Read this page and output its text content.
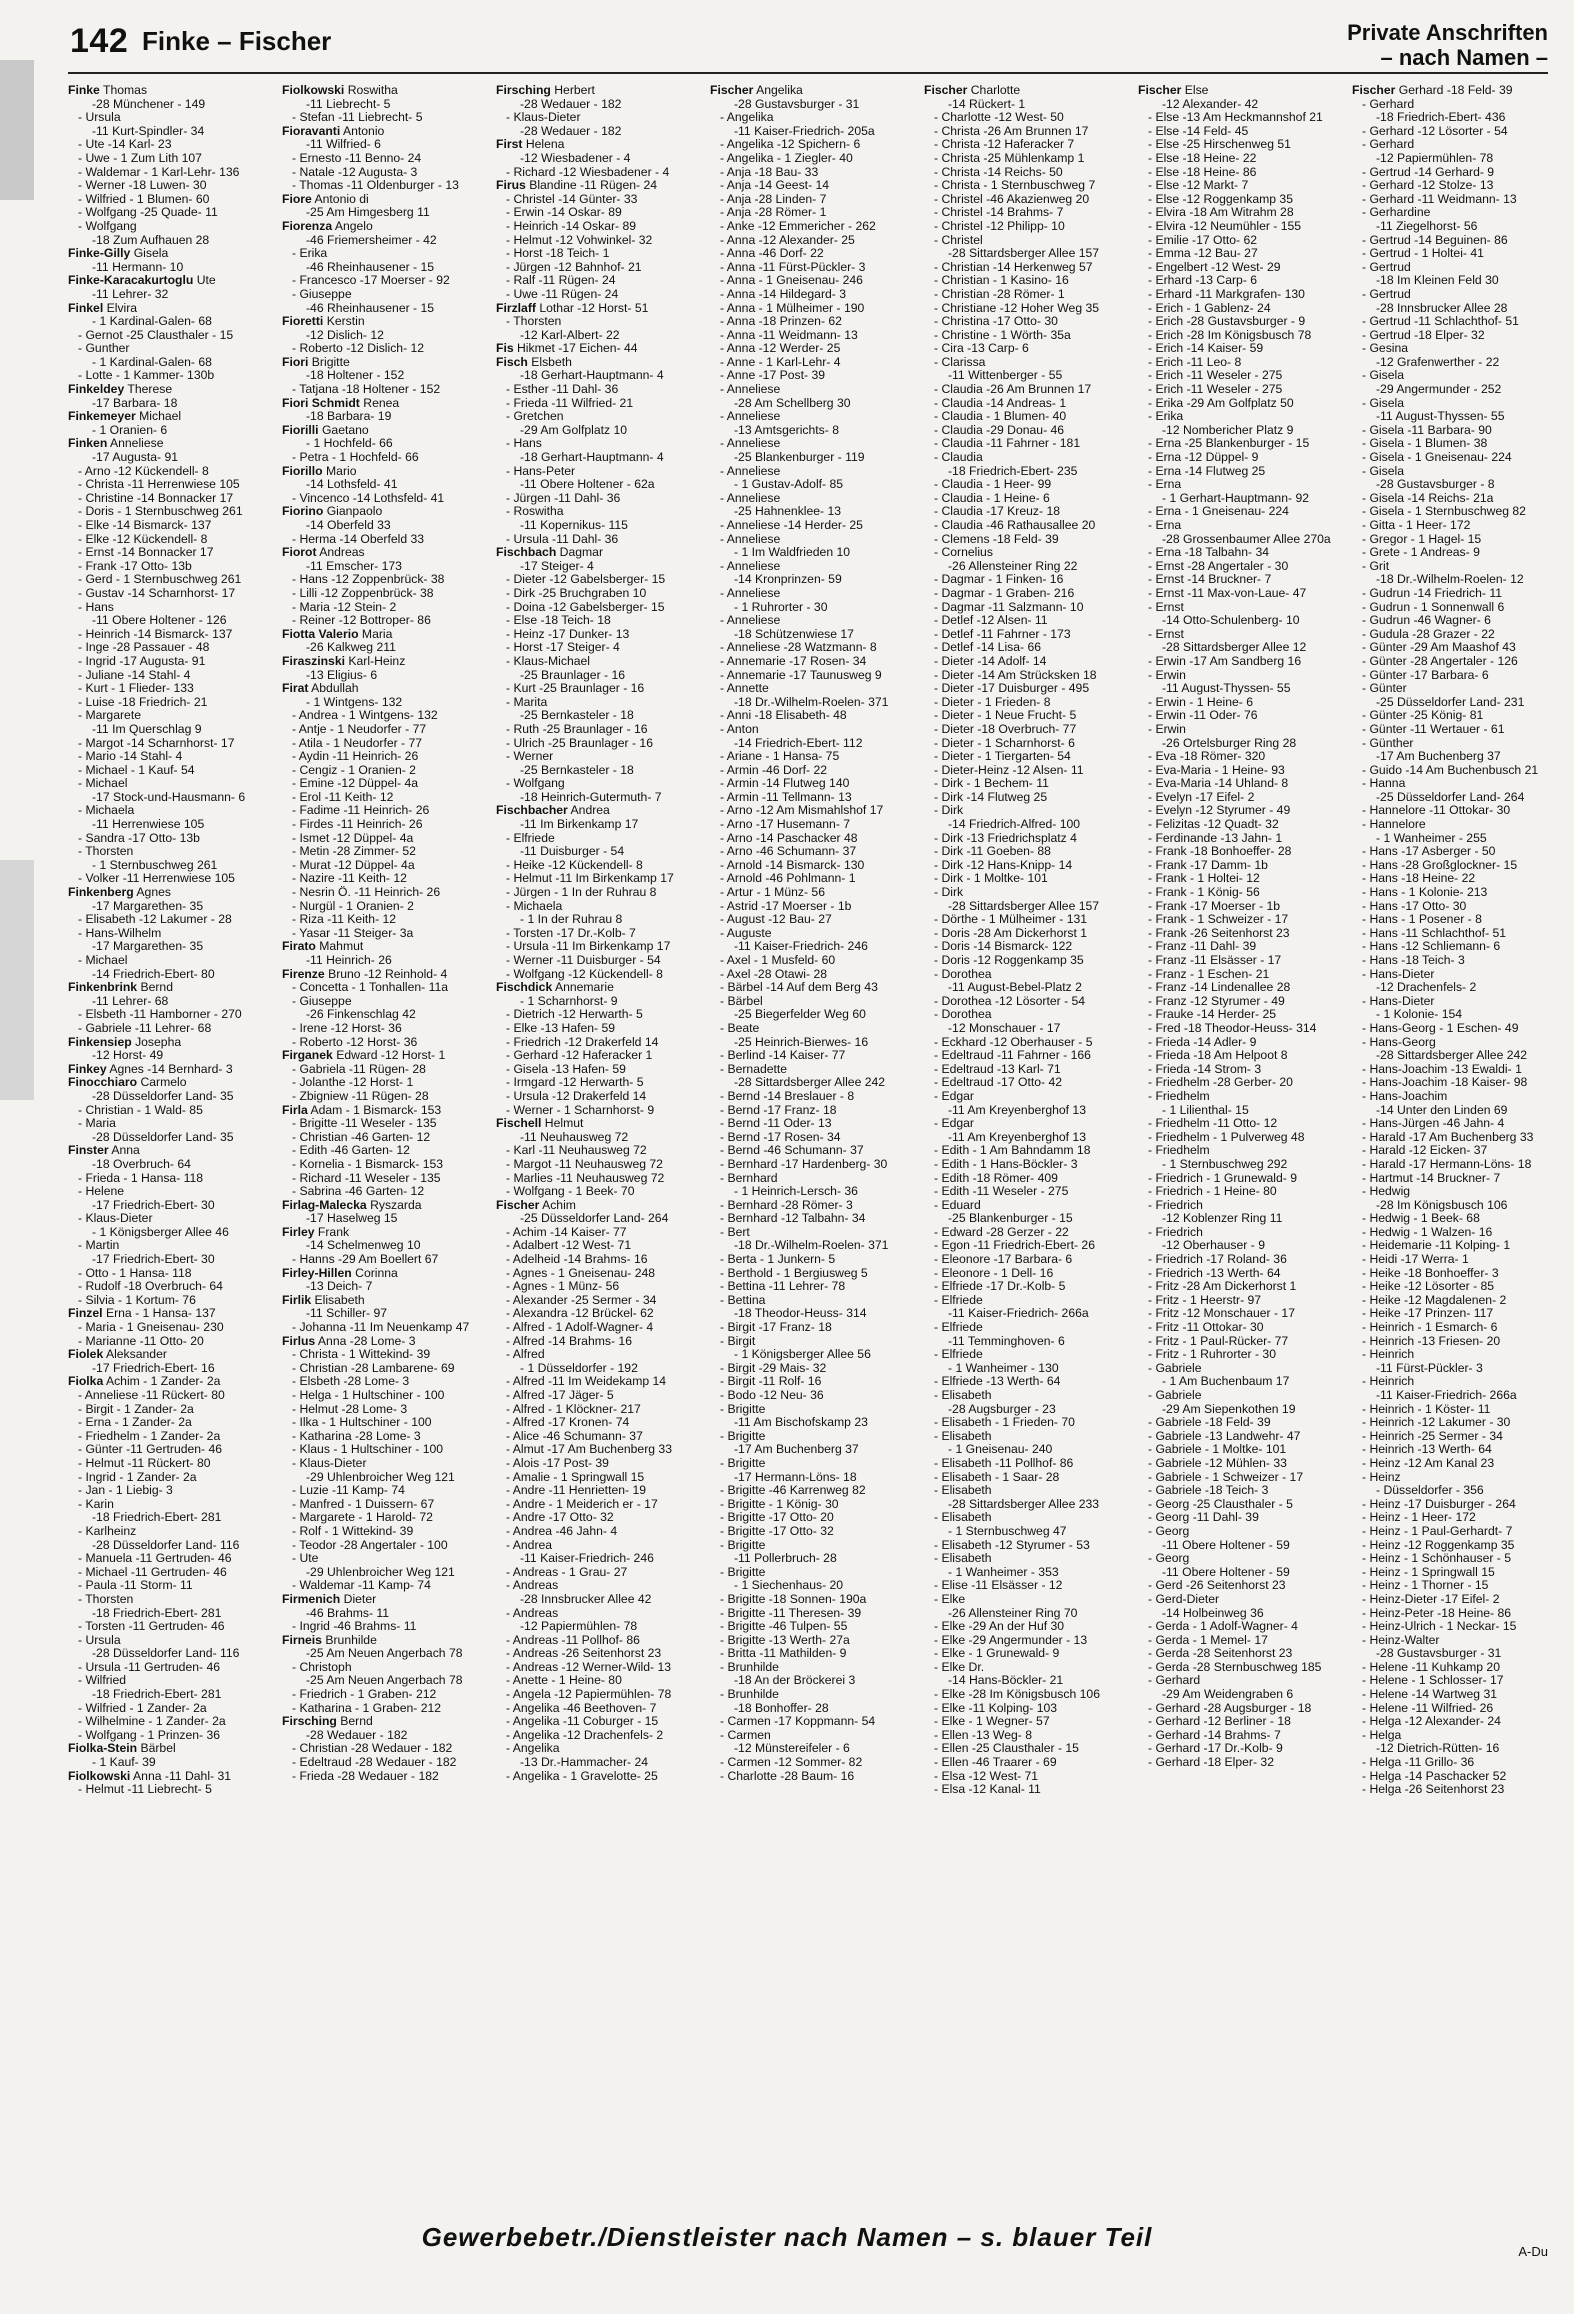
142 Finke – Fischer	Private Anschriften
– nach Namen –
Finke Thomas
-28 Münchener - 149
- Ursula
-11 Kurt-Spindler- 34
- Ute -14 Karl- 23
- Uwe - 1 Zum Lith 107
- Waldemar - 1 Karl-Lehr- 136
- Werner -18 Luwen- 30
- Wilfried - 1 Blumen- 60
- Wolfgang -25 Quade- 11
- Wolfgang
-18 Zum Aufhauen 28
Finke-Gilly Gisela
-11 Hermann- 10
Finke-Karacakurtoglu Ute
-11 Lehrer- 32
Finkel Elvira
- 1 Kardinal-Galen- 68
- Gernot -25 Clausthaler - 15
- Gunther
- 1 Kardinal-Galen- 68
- Lotte - 1 Kammer- 130b
Finkeldey Therese
-17 Barbara- 18
Finkemeyer Michael
- 1 Oranien- 6
Finken Anneliese
-17 Augusta- 91
- Arno -12 Kückendell- 8
- Christa -11 Herrenwiese 105
- Christine -14 Bonnacker 17
- Doris - 1 Sternbuschweg 261
- Elke -14 Bismarck- 137
- Elke -12 Kückendell- 8
- Ernst -14 Bonnacker 17
- Frank -17 Otto- 13b
- Gerd - 1 Sternbuschweg 261
- Gustav -14 Scharnhorst- 17
- Hans
-11 Obere Holtener - 126
- Heinrich -14 Bismarck- 137
- Inge -28 Passauer - 48
- Ingrid -17 Augusta- 91
- Juliane -14 Stahl- 4
- Kurt - 1 Flieder- 133
- Luise -18 Friedrich- 21
- Margarete
-11 Im Querschlag 9
- Margot -14 Scharnhorst- 17
- Mario -14 Stahl- 4
- Michael - 1 Kauf- 54
- Michael
-17 Stock-und-Hausmann- 6
- Michaela
-11 Herrenwiese 105
- Sandra -17 Otto- 13b
- Thorsten
- 1 Sternbuschweg 261
- Volker -11 Herrenwiese 105
Finkenberg Agnes
-17 Margarethen- 35
- Elisabeth -12 Lakumer - 28
- Hans-Wilhelm
-17 Margarethen- 35
- Michael
-14 Friedrich-Ebert- 80
Finkenbrink Bernd
-11 Lehrer- 68
- Elsbeth -11 Hamborner - 270
- Gabriele -11 Lehrer- 68
Finkensiep Josepha
-12 Horst- 49
Finkey Agnes -14 Bernhard- 3
Finocchiaro Carmelo
-28 Düsseldorfer Land- 35
- Christian - 1 Wald- 85
- Maria
-28 Düsseldorfer Land- 35
Finster Anna
-18 Overbruch- 64
- Frieda - 1 Hansa- 118
- Helene
-17 Friedrich-Ebert- 30
- Klaus-Dieter
- 1 Königsberger Allee 46
- Martin
-17 Friedrich-Ebert- 30
- Otto - 1 Hansa- 118
- Rudolf -18 Overbruch- 64
- Silvia - 1 Kortum- 76
Finzel Erna - 1 Hansa- 137
- Maria - 1 Gneisenau- 230
- Marianne -11 Otto- 20
Fiolek Aleksander
-17 Friedrich-Ebert- 16
Fiolka Achim - 1 Zander- 2a
- Anneliese -11 Rückert- 80
- Birgit - 1 Zander- 2a
- Erna - 1 Zander- 2a
- Friedhelm - 1 Zander- 2a
- Günter -11 Gertruden- 46
- Helmut -11 Rückert- 80
- Ingrid - 1 Zander- 2a
- Jan - 1 Liebig- 3
- Karin
-18 Friedrich-Ebert- 281
- Karlheinz
-28 Düsseldorfer Land- 116
- Manuela -11 Gertruden- 46
- Michael -11 Gertruden- 46
- Paula -11 Storm- 11
- Thorsten
-18 Friedrich-Ebert- 281
- Torsten -11 Gertruden- 46
- Ursula
-28 Düsseldorfer Land- 116
- Ursula -11 Gertruden- 46
- Wilfried
-18 Friedrich-Ebert- 281
- Wilfried - 1 Zander- 2a
- Wilhelmine - 1 Zander- 2a
- Wolfgang - 1 Prinzen- 36
Fiolka-Stein Bärbel
- 1 Kauf- 39
Fiolkowski Anna -11 Dahl- 31
- Helmut -11 Liebrecht- 5
Fiolkowski Roswitha
-11 Liebrecht- 5
- Stefan -11 Liebrecht- 5
Fioravanti Antonio
-11 Wilfried- 6
- Ernesto -11 Benno- 24
- Natale -12 Augusta- 3
- Thomas -11 Oldenburger - 13
Fiore Antonio di
-25 Am Himgesberg 11
Fiorenza Angelo
-46 Friemersheimer - 42
- Erika
-46 Rheinhausener - 15
- Francesco -17 Moerser - 92
- Giuseppe
-46 Rheinhausener - 15
Fioretti Kerstin
-12 Dislich- 12
- Roberto -12 Dislich- 12
Fiori Brigitte
-18 Holtener - 152
- Tatjana -18 Holtener - 152
Fiori Schmidt Renea
-18 Barbara- 19
Fiorilli Gaetano
- 1 Hochfeld- 66
- Petra - 1 Hochfeld- 66
Fiorillo Mario
-14 Lothsfeld- 41
- Vincenco -14 Lothsfeld- 41
Fiorino Gianpaolo
-14 Oberfeld 33
- Herma -14 Oberfeld 33
Fiorot Andreas
-11 Emscher- 173
- Hans -12 Zoppenbrück- 38
- Lilli -12 Zoppenbrück- 38
- Maria -12 Stein- 2
- Reiner -12 Bottroper- 86
Fiotta Valerio Maria
-26 Kalkweg 211
Firaszinski Karl-Heinz
-13 Eligius- 6
Firat Abdullah
- 1 Wintgens- 132
- Andrea - 1 Wintgens- 132
- Antje - 1 Neudorfer - 77
- Atila - 1 Neudorfer - 77
- Aydin -11 Heinrich- 26
- Cengiz - 1 Oranien- 2
- Emine -12 Düppel- 4a
- Erol -11 Keith- 12
- Fadime -11 Heinrich- 26
- Firdes -11 Heinrich- 26
- Ismet -12 Düppel- 4a
- Metin -28 Zimmer- 52
- Murat -12 Düppel- 4a
- Nazire -11 Keith- 12
- Nesrin Ö. -11 Heinrich- 26
- Nurgül - 1 Oranien- 2
- Riza -11 Keith- 12
- Yasar -11 Steiger- 3a
Firato Mahmut
-11 Heinrich- 26
Firenze Bruno -12 Reinhold- 4
- Concetta - 1 Tonhallen- 11a
- Giuseppe
-26 Finkenschlag 42
- Irene -12 Horst- 36
- Roberto -12 Horst- 36
Firganek Edward -12 Horst- 1
- Gabriela -11 Rügen- 28
- Jolanthe -12 Horst- 1
- Zbigniew -11 Rügen- 28
Firla Adam - 1 Bismarck- 153
- Brigitte -11 Weseler - 135
- Christian -46 Garten- 12
- Edith -46 Garten- 12
- Kornelia - 1 Bismarck- 153
- Richard -11 Weseler - 135
- Sabrina -46 Garten- 12
Firlag-Malecka Ryszarda
-17 Haselweg 15
Firley Frank
-14 Schelmenweg 10
- Hanns -29 Am Boellert 67
Firley-Hillen Corinna
-13 Deich- 7
Firlik Elisabeth
-11 Schiller- 97
- Johanna -11 Im Neuenkamp 47
Firlus Anna -28 Lome- 3
- Christa - 1 Wittekind- 39
- Christian -28 Lambarene- 69
- Elsbeth -28 Lome- 3
- Helga - 1 Hultschiner - 100
- Helmut -28 Lome- 3
- Ilka - 1 Hultschiner - 100
- Katharina -28 Lome- 3
- Klaus - 1 Hultschiner - 100
- Klaus-Dieter
-29 Uhlenbroicher Weg 121
- Luzie -11 Kamp- 74
- Manfred - 1 Duissern- 67
- Margarete - 1 Harold- 72
- Rolf - 1 Wittekind- 39
- Teodor -28 Angertaler - 100
- Ute
-29 Uhlenbroicher Weg 121
- Waldemar -11 Kamp- 74
Firmenich Dieter
-46 Brahms- 11
- Ingrid -46 Brahms- 11
Firneis Brunhilde
-25 Am Neuen Angerbach 78
- Christoph
-25 Am Neuen Angerbach 78
- Friedrich - 1 Graben- 212
- Katharina - 1 Graben- 212
Firsching Bernd
-28 Wedauer - 182
- Christian -28 Wedauer - 182
- Edeltraud -28 Wedauer - 182
- Frieda -28 Wedauer - 182
Firsching Herbert
-28 Wedauer - 182
- Klaus-Dieter
-28 Wedauer - 182
First Helena
-12 Wiesbadener - 4
- Richard -12 Wiesbadener - 4
Firus Blandine -11 Rügen- 24
- Christel -14 Günter- 33
- Erwin -14 Oskar- 89
- Heinrich -14 Oskar- 89
- Helmut -12 Vohwinkel- 32
- Horst -18 Teich- 1
- Jürgen -12 Bahnhof- 21
- Ralf -11 Rügen- 24
- Uwe -11 Rügen- 24
Firzlaff Lothar -12 Horst- 51
- Thorsten
-12 Karl-Albert- 22
Fis Hikmet -17 Eichen- 44
Fisch Elsbeth
-18 Gerhart-Hauptmann- 4
- Esther -11 Dahl- 36
- Frieda -11 Wilfried- 21
- Gretchen
-29 Am Golfplatz 10
- Hans
-18 Gerhart-Hauptmann- 4
- Hans-Peter
-11 Obere Holtener - 62a
- Jürgen -11 Dahl- 36
- Roswitha
-11 Kopernikus- 115
- Ursula -11 Dahl- 36
Fischbach Dagmar
-17 Steiger- 4
- Dieter -12 Gabelsberger- 15
- Dirk -25 Bruchgraben 10
- Doina -12 Gabelsberger- 15
- Else -18 Teich- 18
- Heinz -17 Dunker- 13
- Horst -17 Steiger- 4
- Klaus-Michael
-25 Braunlager - 16
- Kurt -25 Braunlager - 16
- Marita
-25 Bernkasteler - 18
- Ruth -25 Braunlager - 16
- Ulrich -25 Braunlager - 16
- Werner
-25 Bernkasteler - 18
- Wolfgang
-18 Heinrich-Gutermuth- 7
Fischbacher Andrea
-11 Im Birkenkamp 17
- Elfriede
-11 Duisburger - 54
- Heike -12 Kückendell- 8
- Helmut -11 Im Birkenkamp 17
- Jürgen - 1 In der Ruhrau 8
- Michaela
- 1 In der Ruhrau 8
- Torsten -17 Dr.-Kolb- 7
- Ursula -11 Im Birkenkamp 17
- Werner -11 Duisburger - 54
- Wolfgang -12 Kückendell- 8
Fischdick Annemarie
- 1 Scharnhorst- 9
- Dietrich -12 Herwarth- 5
- Elke -13 Hafen- 59
- Friedrich -12 Drakerfeld 14
- Gerhard -12 Haferacker 1
- Gisela -13 Hafen- 59
- Irmgard -12 Herwarth- 5
- Ursula -12 Drakerfeld 14
- Werner - 1 Scharnhorst- 9
Fischell Helmut
-11 Neuhausweg 72
- Karl -11 Neuhausweg 72
- Margot -11 Neuhausweg 72
- Marlies -11 Neuhausweg 72
- Wolfgang - 1 Beek- 70
Fischer Achim
-25 Düsseldorfer Land- 264
- Achim -14 Kaiser- 77
- Adalbert -12 West- 71
- Adelheid -14 Brahms- 16
- Agnes - 1 Gneisenau- 248
- Agnes - 1 Münz- 56
- Alexander -25 Sermer - 34
- Alexandra -12 Brückel- 62
- Alfred - 1 Adolf-Wagner- 4
- Alfred -14 Brahms- 16
- Alfred
- 1 Düsseldorfer - 192
- Alfred -11 Im Weidekamp 14
- Alfred -17 Jäger- 5
- Alfred - 1 Klöckner- 217
- Alfred -17 Kronen- 74
- Alice -46 Schumann- 37
- Almut -17 Am Buchenberg 33
- Alois -17 Post- 39
- Amalie - 1 Springwall 15
- Andre -11 Henrietten- 19
- Andre - 1 Meiderich er - 17
- Andre -17 Otto- 32
- Andrea -46 Jahn- 4
- Andrea
-11 Kaiser-Friedrich- 246
- Andreas - 1 Grau- 27
- Andreas
-28 Innsbrucker Allee 42
- Andreas
-12 Papiermühlen- 78
- Andreas -11 Pollhof- 86
- Andreas -26 Seitenhorst 23
- Andreas -12 Werner-Wild- 13
- Anette - 1 Heine- 80
- Angela -12 Papiermühlen- 78
- Angelika -46 Beethoven- 7
- Angelika -11 Coburger - 15
- Angelika -12 Drachenfels- 2
- Angelika
-13 Dr.-Hammacher- 24
- Angelika - 1 Gravelotte- 25
Fischer Angelika
-28 Gustavsburger - 31
- Angelika
-11 Kaiser-Friedrich- 205a
- Angelika -12 Spichern- 6
- Angelika - 1 Ziegler- 40
- Anja -18 Bau- 33
- Anja -14 Geest- 14
- Anja -28 Linden- 7
- Anja -28 Römer- 1
- Anke -12 Emmericher - 262
- Anna -12 Alexander- 25
- Anna -46 Dorf- 22
- Anna -11 Fürst-Pückler- 3
- Anna - 1 Gneisenau- 246
- Anna -14 Hildegard- 3
- Anna - 1 Mülheimer - 190
- Anna -18 Prinzen- 62
- Anna -11 Weidmann- 13
- Anna -12 Werder- 25
- Anne - 1 Karl-Lehr- 4
- Anne -17 Post- 39
- Anneliese
-28 Am Schellberg 30
- Anneliese
-13 Amtsgerichts- 8
- Anneliese
-25 Blankenburger - 119
- Anneliese
- 1 Gustav-Adolf- 85
- Anneliese
-25 Hahnenklee- 13
- Anneliese -14 Herder- 25
- Anneliese
- 1 Im Waldfrieden 10
- Anneliese
-14 Kronprinzen- 59
- Anneliese
- 1 Ruhrorter - 30
- Anneliese
-18 Schützenwiese 17
- Anneliese -28 Watzmann- 8
- Annemarie -17 Rosen- 34
- Annemarie -17 Taunusweg 9
- Annette
-18 Dr.-Wilhelm-Roelen- 371
- Anni -18 Elisabeth- 48
- Anton
-14 Friedrich-Ebert- 112
- Ariane - 1 Hansa- 75
- Armin -46 Dorf- 22
- Armin -14 Flutweg 140
- Armin -11 Tellmann- 13
- Arno -12 Am Mismahlshof 17
- Arno -17 Husemann- 7
- Arno -14 Paschacker 48
- Arno -46 Schumann- 37
- Arnold -14 Bismarck- 130
- Arnold -46 Pohlmann- 1
- Artur - 1 Münz- 56
- Astrid -17 Moerser - 1b
- August -12 Bau- 27
- Auguste
-11 Kaiser-Friedrich- 246
- Axel - 1 Musfeld- 60
- Axel -28 Otawi- 28
- Bärbel -14 Auf dem Berg 43
- Bärbel
-25 Biegerfelder Weg 60
- Beate
-25 Heinrich-Bierwes- 16
- Berlind -14 Kaiser- 77
- Bernadette
-28 Sittardsberger Allee 242
- Bernd -14 Breslauer - 8
- Bernd -17 Franz- 18
- Bernd -11 Oder- 13
- Bernd -17 Rosen- 34
- Bernd -46 Schumann- 37
- Bernhard -17 Hardenberg- 30
- Bernhard
- 1 Heinrich-Lersch- 36
- Bernhard -28 Römer- 3
- Bernhard -12 Talbahn- 34
- Bert
-18 Dr.-Wilhelm-Roelen- 371
- Berta - 1 Junkern- 5
- Berthold - 1 Bergiusweg 5
- Bettina -11 Lehrer- 78
- Bettina
-18 Theodor-Heuss- 314
- Birgit -17 Franz- 18
- Birgit
- 1 Königsberger Allee 56
- Birgit -29 Mais- 32
- Birgit -11 Rolf- 16
- Bodo -12 Neu- 36
- Brigitte
-11 Am Bischofskamp 23
- Brigitte
-17 Am Buchenberg 37
- Brigitte
-17 Hermann-Löns- 18
- Brigitte -46 Karrenweg 82
- Brigitte - 1 König- 30
- Brigitte -17 Otto- 20
- Brigitte -17 Otto- 32
- Brigitte
-11 Pollerbruch- 28
- Brigitte
- 1 Siechenhaus- 20
- Brigitte -18 Sonnen- 190a
- Brigitte -11 Theresen- 39
- Brigitte -46 Tulpen- 55
- Brigitte -13 Werth- 27a
- Britta -11 Mathilden- 9
- Brunhilde
-18 An der Bröckerei 3
- Brunhilde
-18 Bonhoffer- 28
- Carmen -17 Koppmann- 54
- Carmen
-12 Münstereifeler - 6
- Carmen -12 Sommer- 82
- Charlotte -28 Baum- 16
Fischer Charlotte
-14 Rückert- 1
- Charlotte -12 West- 50
- Christa -26 Am Brunnen 17
- Christa -12 Haferacker 7
- Christa -25 Mühlenkamp 1
- Christa -14 Reichs- 50
- Christa - 1 Sternbuschweg 7
- Christel -46 Akazienweg 20
- Christel -14 Brahms- 7
- Christel -12 Philipp- 10
- Christel
-28 Sittardsberger Allee 157
- Christian -14 Herkenweg 57
- Christian - 1 Kasino- 16
- Christian -28 Römer- 1
- Christiane -12 Hoher Weg 35
- Christina -17 Otto- 30
- Christine - 1 Wörth- 35a
- Cira -13 Carp- 6
- Clarissa
-11 Wittenberger - 55
- Claudia -26 Am Brunnen 17
- Claudia -14 Andreas- 1
- Claudia - 1 Blumen- 40
- Claudia -29 Donau- 46
- Claudia -11 Fahrner - 181
- Claudia
-18 Friedrich-Ebert- 235
- Claudia - 1 Heer- 99
- Claudia - 1 Heine- 6
- Claudia -17 Kreuz- 18
- Claudia -46 Rathausallee 20
- Clemens -18 Feld- 39
- Cornelius
-26 Allensteiner Ring 22
- Dagmar - 1 Finken- 16
- Dagmar - 1 Graben- 216
- Dagmar -11 Salzmann- 10
- Detlef -12 Alsen- 11
- Detlef -11 Fahrner - 173
- Detlef -14 Lisa- 66
- Dieter -14 Adolf- 14
- Dieter -14 Am Strücksken 18
- Dieter -17 Duisburger - 495
- Dieter - 1 Frieden- 8
- Dieter - 1 Neue Frucht- 5
- Dieter -18 Overbruch- 77
- Dieter - 1 Scharnhorst- 6
- Dieter - 1 Tiergarten- 54
- Dieter-Heinz -12 Alsen- 11
- Dirk - 1 Bechem- 11
- Dirk -14 Flutweg 25
- Dirk
-14 Friedrich-Alfred- 100
- Dirk -13 Friedrichsplatz 4
- Dirk -11 Goeben- 88
- Dirk -12 Hans-Knipp- 14
- Dirk - 1 Moltke- 101
- Dirk
-28 Sittardsberger Allee 157
- Dörthe - 1 Mülheimer - 131
- Doris -28 Am Dickerhorst 1
- Doris -14 Bismarck- 122
- Doris -12 Roggenkamp 35
- Dorothea
-11 August-Bebel-Platz 2
- Dorothea -12 Lösorter - 54
- Dorothea
-12 Monschauer - 17
- Eckhard -12 Oberhauser - 5
- Edeltraud -11 Fahrner - 166
- Edeltraud -13 Karl- 71
- Edeltraud -17 Otto- 42
- Edgar
-11 Am Kreyenberghof 13
- Edgar
-11 Am Kreyenberghof 13
- Edith - 1 Am Bahndamm 18
- Edith - 1 Hans-Böckler- 3
- Edith -18 Römer- 409
- Edith -11 Weseler - 275
- Eduard
-25 Blankenburger - 15
- Edward -28 Gerzer - 22
- Egon -11 Friedrich-Ebert- 26
- Eleonore -17 Barbara- 6
- Eleonore - 1 Dell- 16
- Elfriede -17 Dr.-Kolb- 5
- Elfriede
-11 Kaiser-Friedrich- 266a
- Elfriede
-11 Temminghoven- 6
- Elfriede
- 1 Wanheimer - 130
- Elfriede -13 Werth- 64
- Elisabeth
-28 Augsburger - 23
- Elisabeth - 1 Frieden- 70
- Elisabeth
- 1 Gneisenau- 240
- Elisabeth -11 Pollhof- 86
- Elisabeth - 1 Saar- 28
- Elisabeth
-28 Sittardsberger Allee 233
- Elisabeth
- 1 Sternbuschweg 47
- Elisabeth -12 Styrumer - 53
- Elisabeth
- 1 Wanheimer - 353
- Elise -11 Elsässer - 12
- Elke
-26 Allensteiner Ring 70
- Elke -29 An der Huf 30
- Elke -29 Angermunder - 13
- Elke - 1 Grunewald- 9
- Elke Dr.
-14 Hans-Böckler- 21
- Elke -28 Im Königsbusch 106
- Elke -11 Kolping- 103
- Elke - 1 Wegner- 57
- Ellen -13 Weg- 8
- Ellen -25 Clausthaler - 15
- Ellen -46 Traarer - 69
- Elsa -12 West- 71
- Elsa -12 Kanal- 11
Fischer Else
-12 Alexander- 42
- Else -13 Am Heckmannshof 21
- Else -14 Feld- 45
- Else -25 Hirschenweg 51
- Else -18 Heine- 22
- Else -18 Heine- 86
- Else -12 Markt- 7
- Else -12 Roggenkamp 35
- Elvira -18 Am Witrahm 28
- Elvira -12 Neumühler - 155
- Emilie -17 Otto- 62
- Emma -12 Bau- 27
- Engelbert -12 West- 29
- Erhard -13 Carp- 6
- Erhard -11 Markgrafen- 130
- Erich - 1 Gablenz- 24
- Erich -28 Gustavsburger - 9
- Erich -28 Im Königsbusch 78
- Erich -14 Kaiser- 59
- Erich -11 Leo- 8
- Erich -11 Weseler - 275
- Erich -11 Weseler - 275
- Erika -29 Am Golfplatz 50
- Erika
-12 Nombericher Platz 9
- Erna -25 Blankenburger - 15
- Erna -12 Düppel- 9
- Erna -14 Flutweg 25
- Erna
- 1 Gerhart-Hauptmann- 92
- Erna - 1 Gneisenau- 224
- Erna
-28 Grossenbaumer Allee 270a
- Erna -18 Talbahn- 34
- Ernst -28 Angertaler - 30
- Ernst -14 Bruckner- 7
- Ernst -11 Max-von-Laue- 47
- Ernst
-14 Otto-Schulenberg- 10
- Ernst
-28 Sittardsberger Allee 12
- Erwin -17 Am Sandberg 16
- Erwin
-11 August-Thyssen- 55
- Erwin - 1 Heine- 6
- Erwin -11 Oder- 76
- Erwin
-26 Ortelsburger Ring 28
- Eva -18 Römer- 320
- Eva-Maria - 1 Heine- 93
- Eva-Maria -14 Uhland- 8
- Evelyn -17 Eifel- 2
- Evelyn -12 Styrumer - 49
- Felizitas -12 Quadt- 32
- Ferdinande -13 Jahn- 1
- Frank -18 Bonhoeffer- 28
- Frank -17 Damm- 1b
- Frank - 1 Holtei- 12
- Frank - 1 König- 56
- Frank -17 Moerser - 1b
- Frank - 1 Schweizer - 17
- Frank -26 Seitenhorst 23
- Franz -11 Dahl- 39
- Franz -11 Elsässer - 17
- Franz - 1 Eschen- 21
- Franz -14 Lindenallee 28
- Franz -12 Styrumer - 49
- Frauke -14 Herder- 25
- Fred -18 Theodor-Heuss- 314
- Frieda -14 Adler- 9
- Frieda -18 Am Helpoot 8
- Frieda -14 Strom- 3
- Friedhelm -28 Gerber- 20
- Friedhelm
- 1 Lilienthal- 15
- Friedhelm -11 Otto- 12
- Friedhelm - 1 Pulverweg 48
- Friedhelm
- 1 Sternbuschweg 292
- Friedrich - 1 Grunewald- 9
- Friedrich - 1 Heine- 80
- Friedrich
-12 Koblenzer Ring 11
- Friedrich
-12 Oberhauser - 9
- Friedrich -17 Roland- 36
- Friedrich -13 Werth- 64
- Fritz -28 Am Dickerhorst 1
- Fritz - 1 Heerstr- 97
- Fritz -12 Monschauer - 17
- Fritz -11 Ottokar- 30
- Fritz - 1 Paul-Rücker- 77
- Fritz - 1 Ruhrorter - 30
- Gabriele
- 1 Am Buchenbaum 17
- Gabriele
-29 Am Siepenkothen 19
- Gabriele -18 Feld- 39
- Gabriele -13 Landwehr- 47
- Gabriele - 1 Moltke- 101
- Gabriele -12 Mühlen- 33
- Gabriele - 1 Schweizer - 17
- Gabriele -18 Teich- 3
- Georg -25 Clausthaler - 5
- Georg -11 Dahl- 39
- Georg
-11 Obere Holtener - 59
- Georg
-11 Obere Holtener - 59
- Gerd -26 Seitenhorst 23
- Gerd-Dieter
-14 Holbeinweg 36
- Gerda - 1 Adolf-Wagner- 4
- Gerda - 1 Memel- 17
- Gerda -28 Seitenhorst 23
- Gerda -28 Sternbuschweg 185
- Gerhard
-29 Am Weidengraben 6
- Gerhard -28 Augsburger - 18
- Gerhard -12 Berliner - 18
- Gerhard -14 Brahms- 7
- Gerhard -17 Dr.-Kolb- 9
- Gerhard -18 Elper- 32
Fischer Gerhard -18 Feld- 39
- Gerhard
-18 Friedrich-Ebert- 436
- Gerhard -12 Lösorter - 54
- Gerhard
-12 Papiermühlen- 78
- Gertrud -14 Gerhard- 9
- Gerhard -12 Stolze- 13
- Gerhard -11 Weidmann- 13
- Gerhardine
-11 Ziegelhorst- 56
- Gertrud -14 Beguinen- 86
- Gertrud - 1 Holtei- 41
- Gertrud
-18 Im Kleinen Feld 30
- Gertrud
-28 Innsbrucker Allee 28
- Gertrud -11 Schlachthof- 51
- Gertrud -18 Elper- 32
- Gesina
-12 Grafenwerther - 22
- Gisela
-29 Angermunder - 252
- Gisela
-11 August-Thyssen- 55
- Gisela -11 Barbara- 90
- Gisela - 1 Blumen- 38
- Gisela - 1 Gneisenau- 224
- Gisela
-28 Gustavsburger - 8
- Gisela -14 Reichs- 21a
- Gisela - 1 Sternbuschweg 82
- Gitta - 1 Heer- 172
- Gregor - 1 Hagel- 15
- Grete - 1 Andreas- 9
- Grit
-18 Dr.-Wilhelm-Roelen- 12
- Gudrun -14 Friedrich- 11
- Gudrun - 1 Sonnenwall 6
- Gudrun -46 Wagner- 6
- Gudula -28 Grazer - 22
- Günter -29 Am Maashof 43
- Günter -28 Angertaler - 126
- Günter -17 Barbara- 6
- Günter
-25 Düsseldorfer Land- 231
- Günter -25 König- 81
- Günter -11 Wertauer - 61
- Günther
-17 Am Buchenberg 37
- Guido -14 Am Buchenbusch 21
- Hanna
-25 Düsseldorfer Land- 264
- Hannelore -11 Ottokar- 30
- Hannelore
- 1 Wanheimer - 255
- Hans -17 Asberger - 50
- Hans -28 Großglockner- 15
- Hans -18 Heine- 22
- Hans - 1 Kolonie- 213
- Hans -17 Otto- 30
- Hans - 1 Posener - 8
- Hans -11 Schlachthof- 51
- Hans -12 Schliemann- 6
- Hans -18 Teich- 3
- Hans-Dieter
-12 Drachenfels- 2
- Hans-Dieter
- 1 Kolonie- 154
- Hans-Georg - 1 Eschen- 49
- Hans-Georg
-28 Sittardsberger Allee 242
- Hans-Joachim -13 Ewaldi- 1
- Hans-Joachim -18 Kaiser- 98
- Hans-Joachim
-14 Unter den Linden 69
- Hans-Jürgen -46 Jahn- 4
- Harald -17 Am Buchenberg 33
- Harald -12 Eicken- 37
- Harald -17 Hermann-Löns- 18
- Hartmut -14 Bruckner- 7
- Hedwig
-28 Im Königsbusch 106
- Hedwig - 1 Beek- 68
- Hedwig - 1 Walzen- 16
- Heidemarie -11 Kolping- 1
- Heidi -17 Werra- 1
- Heike -18 Bonhoeffer- 3
- Heike -12 Lösorter - 85
- Heike -12 Magdalenen- 2
- Heike -17 Prinzen- 117
- Heinrich - 1 Esmarch- 6
- Heinrich -13 Friesen- 20
- Heinrich
-11 Fürst-Pückler- 3
- Heinrich
-11 Kaiser-Friedrich- 266a
- Heinrich - 1 Köster- 11
- Heinrich -12 Lakumer - 30
- Heinrich -25 Sermer - 34
- Heinrich -13 Werth- 64
- Heinz -12 Am Kanal 23
- Heinz
- Düsseldorfer - 356
- Heinz -17 Duisburger - 264
- Heinz - 1 Heer- 172
- Heinz - 1 Paul-Gerhardt- 7
- Heinz -12 Roggenkamp 35
- Heinz - 1 Schönhauser - 5
- Heinz - 1 Springwall 15
- Heinz - 1 Thorner - 15
- Heinz-Dieter -17 Eifel- 2
- Heinz-Peter -18 Heine- 86
- Heinz-Ulrich - 1 Neckar- 15
- Heinz-Walter
-28 Gustavsburger - 31
- Helene -11 Kuhkamp 20
- Helene - 1 Schlosser- 17
- Helene -14 Wartweg 31
- Helene -11 Wilfried- 26
- Helga -12 Alexander- 24
- Helga
-12 Dietrich-Rütten- 16
- Helga -11 Grillo- 36
- Helga -14 Paschacker 52
- Helga -26 Seitenhorst 23
Gewerbebetr./Dienstleister nach Namen – s. blauer Teil	A-Du
